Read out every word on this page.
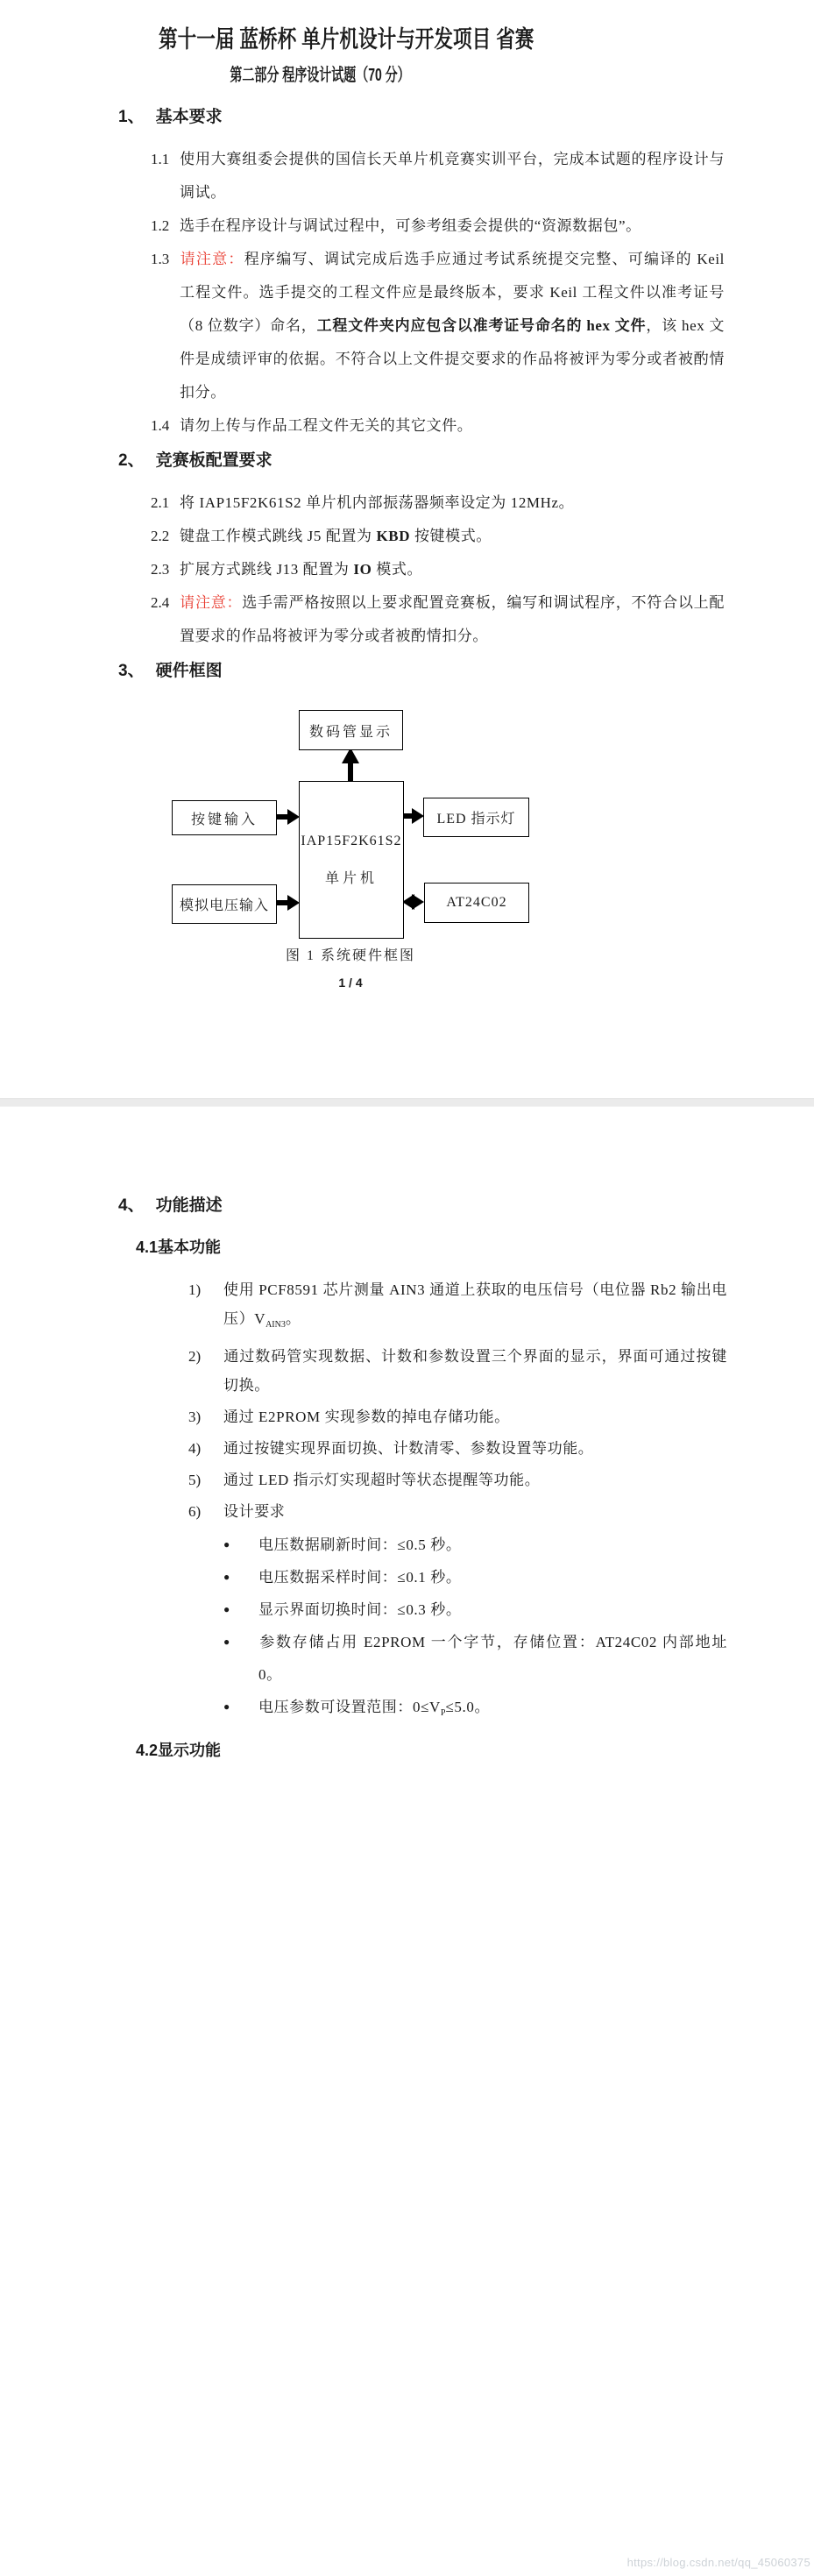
第十一届 蓝桥杯 单片机设计与开发项目 省赛
第二部分 程序设计试题（70 分）
1、 基本要求

1.1 使用大赛组委会提供的国信长天单片机竞赛实训平台，完成本试题的程序设计与调试。

1.2 选手在程序设计与调试过程中，可参考组委会提供的“资源数据包”。

1.3 请注意：程序编写、调试完成后选手应通过考试系统提交完整、可编译的 Keil 工程文件。选手提交的工程文件应是最终版本，要求 Keil 工程文件以准考证号（8 位数字）命名，工程文件夹内应包含以准考证号命名的 hex 文件，该 hex 文件是成绩评审的依据。不符合以上文件提交要求的作品将被评为零分或者被酌情扣分。

1.4 请勿上传与作品工程文件无关的其它文件。

2、 竞赛板配置要求

2.1 将 IAP15F2K61S2 单片机内部振荡器频率设定为 12MHz。

2.2 键盘工作模式跳线 J5 配置为 KBD 按键模式。

2.3 扩展方式跳线 J13 配置为 IO 模式。

2.4 请注意：选手需严格按照以上要求配置竞赛板，编写和调试程序，不符合以上配置要求的作品将被评为零分或者被酌情扣分。

3、 硬件框图
数码管显示
IAP15F2K61S2
单片机
按键输入
模拟电压输入
LED 指示灯
AT24C02
图 1 系统硬件框图
1 / 4
4、 功能描述
4.1基本功能

1) 使用 PCF8591 芯片测量 AIN3 通道上获取的电压信号（电位器 Rb2 输出电压）$V_{AIN3}$。

2) 通过数码管实现数据、计数和参数设置三个界面的显示，界面可通过按键切换。

3) 通过 E2PROM 实现参数的掉电存储功能。

4) 通过按键实现界面切换、计数清零、参数设置等功能。

5) 通过 LED 指示灯实现超时等状态提醒等功能。

6) 设计要求

● 电压数据刷新时间：≤0.5 秒。

● 电压数据采样时间：≤0.1 秒。

● 显示界面切换时间：≤0.3 秒。

● 参数存储占用 E2PROM 一个字节，存储位置：AT24C02 内部地址 0。

● 电压参数可设置范围：$0\le V_P\le 5.0$。

4.2显示功能
https://blog.csdn.net/qq_45060375
